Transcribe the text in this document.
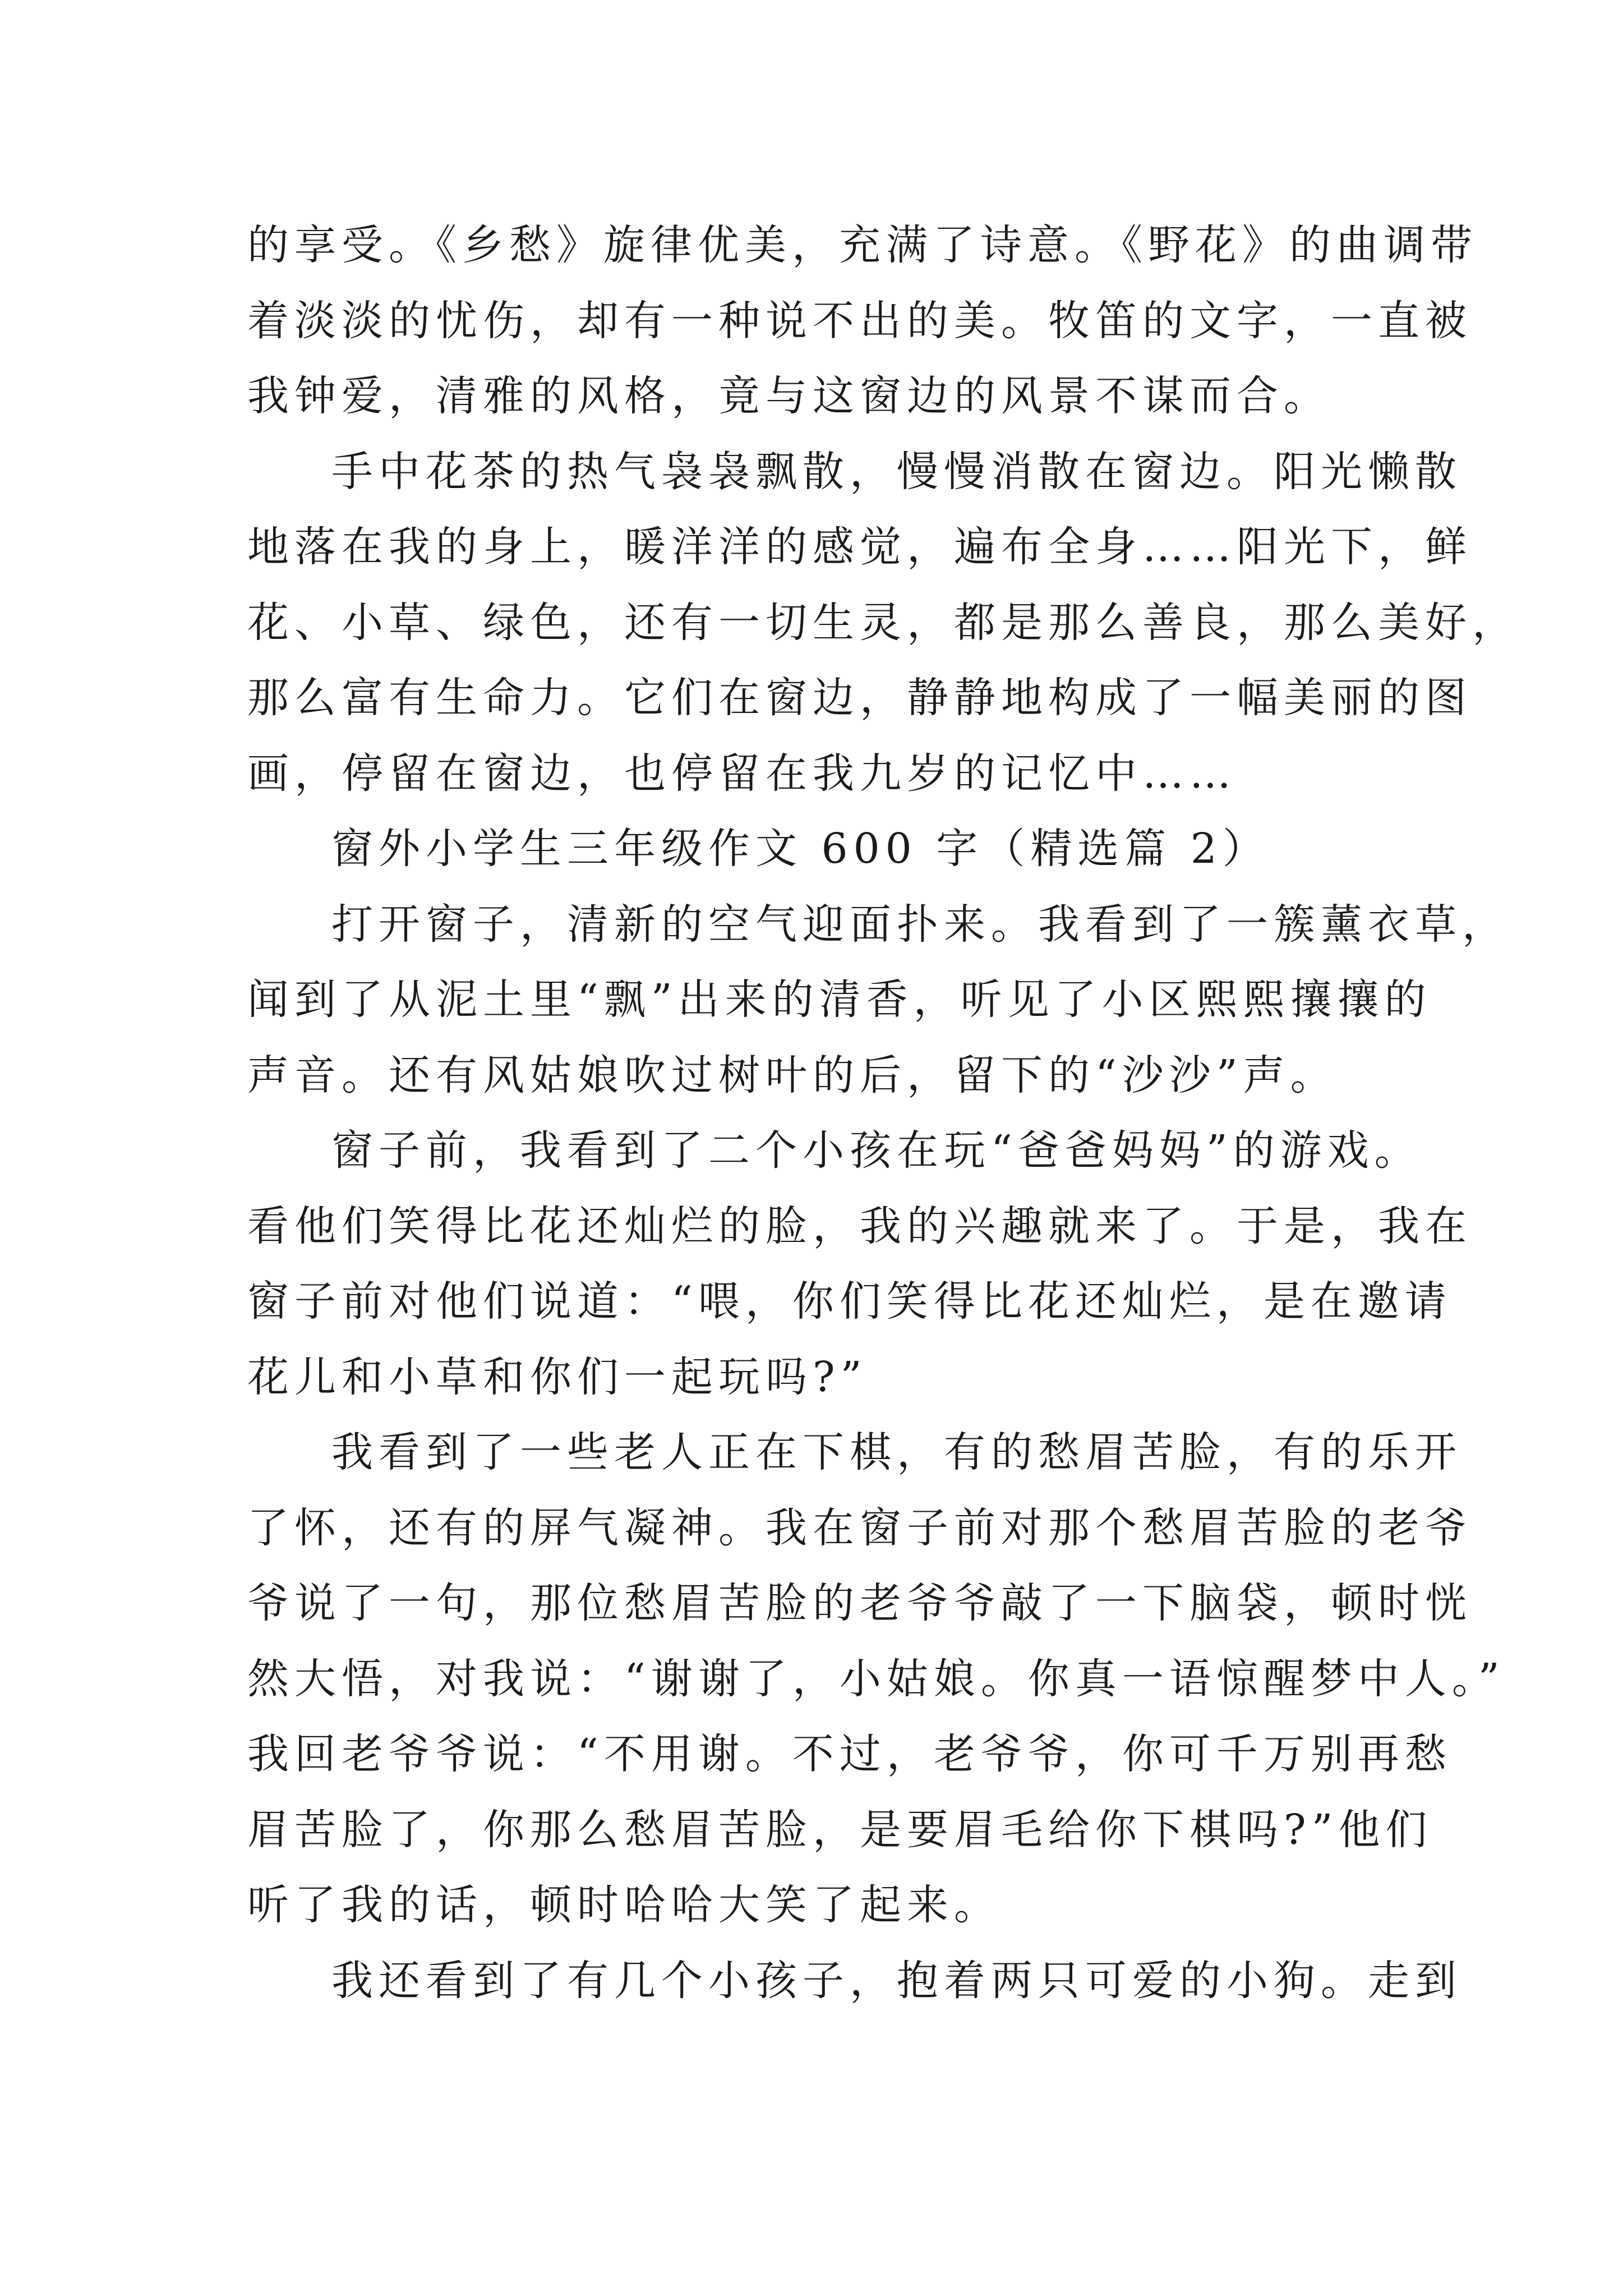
的享受。《乡愁》旋律优美，充满了诗意。《野花》的曲调带
着淡淡的忧伤，却有一种说不出的美。牧笛的文字，一直被
我钟爱，清雅的风格，竟与这窗边的风景不谋而合。
手中花茶的热气袅袅飘散，慢慢消散在窗边。阳光懒散
地落在我的身上，暖洋洋的感觉，遍布全身……阳光下，鲜
花、小草、绿色，还有一切生灵，都是那么善良，那么美好，
那么富有生命力。它们在窗边，静静地构成了一幅美丽的图
画，停留在窗边，也停留在我九岁的记忆中……
窗外小学生三年级作文 600 字（精选篇 2）
打开窗子，清新的空气迎面扑来。我看到了一簇薰衣草，
闻到了从泥土里“飘”出来的清香，听见了小区熙熙攘攘的
声音。还有风姑娘吹过树叶的后，留下的“沙沙”声。
窗子前，我看到了二个小孩在玩“爸爸妈妈”的游戏。
看他们笑得比花还灿烂的脸，我的兴趣就来了。于是，我在
窗子前对他们说道：“喂，你们笑得比花还灿烂，是在邀请
花儿和小草和你们一起玩吗?”
我看到了一些老人正在下棋，有的愁眉苦脸，有的乐开
了怀，还有的屏气凝神。我在窗子前对那个愁眉苦脸的老爷
爷说了一句，那位愁眉苦脸的老爷爷敲了一下脑袋，顿时恍
然大悟，对我说：“谢谢了，小姑娘。你真一语惊醒梦中人。”
我回老爷爷说：“不用谢。不过，老爷爷，你可千万别再愁
眉苦脸了，你那么愁眉苦脸，是要眉毛给你下棋吗?”他们
听了我的话，顿时哈哈大笑了起来。
我还看到了有几个小孩子，抱着两只可爱的小狗。走到
